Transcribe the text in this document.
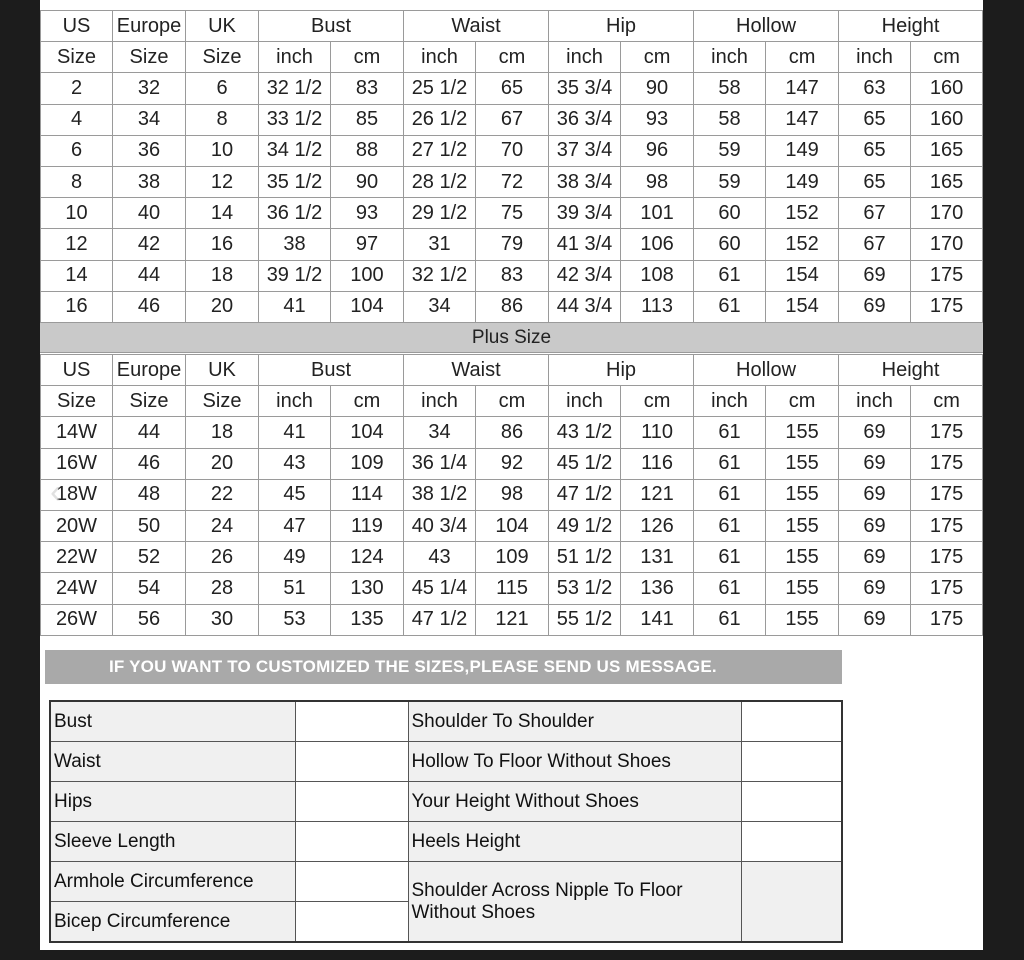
US	Europe	UK	Bust		Waist		Hip		Hollow		Height	
Size	Size	Size	inch	cm	inch	cm	inch	cm	inch	cm	inch	cm
2	32	6	32 1/2	83	25 1/2	65	35 3/4	90	58	147	63	160
4	34	8	33 1/2	85	26 1/2	67	36 3/4	93	58	147	65	160
6	36	10	34 1/2	88	27 1/2	70	37 3/4	96	59	149	65	165
8	38	12	35 1/2	90	28 1/2	72	38 3/4	98	59	149	65	165
10	40	14	36 1/2	93	29 1/2	75	39 3/4	101	60	152	67	170
12	42	16	38	97	31	79	41 3/4	106	60	152	67	170
14	44	18	39 1/2	100	32 1/2	83	42 3/4	108	61	154	69	175
16	46	20	41	104	34	86	44 3/4	113	61	154	69	175
Plus Size
US	Europe	UK	Bust		Waist		Hip		Hollow		Height	
Size	Size	Size	inch	cm	inch	cm	inch	cm	inch	cm	inch	cm
14W	44	18	41	104	34	86	43 1/2	110	61	155	69	175
16W	46	20	43	109	36 1/4	92	45 1/2	116	61	155	69	175
18W	48	22	45	114	38 1/2	98	47 1/2	121	61	155	69	175
20W	50	24	47	119	40 3/4	104	49 1/2	126	61	155	69	175
22W	52	26	49	124	43	109	51 1/2	131	61	155	69	175
24W	54	28	51	130	45 1/4	115	53 1/2	136	61	155	69	175
26W	56	30	53	135	47 1/2	121	55 1/2	141	61	155	69	175
IF YOU WANT TO CUSTOMIZED THE SIZES,PLEASE SEND US MESSAGE.
Bust		Shoulder To Shoulder	
Waist		Hollow To Floor Without Shoes	
Hips		Your Height Without Shoes	
Sleeve Length		Heels Height	
Armhole Circumference		Shoulder Across Nipple To Floor Without Shoes	
Bicep Circumference			
‹
